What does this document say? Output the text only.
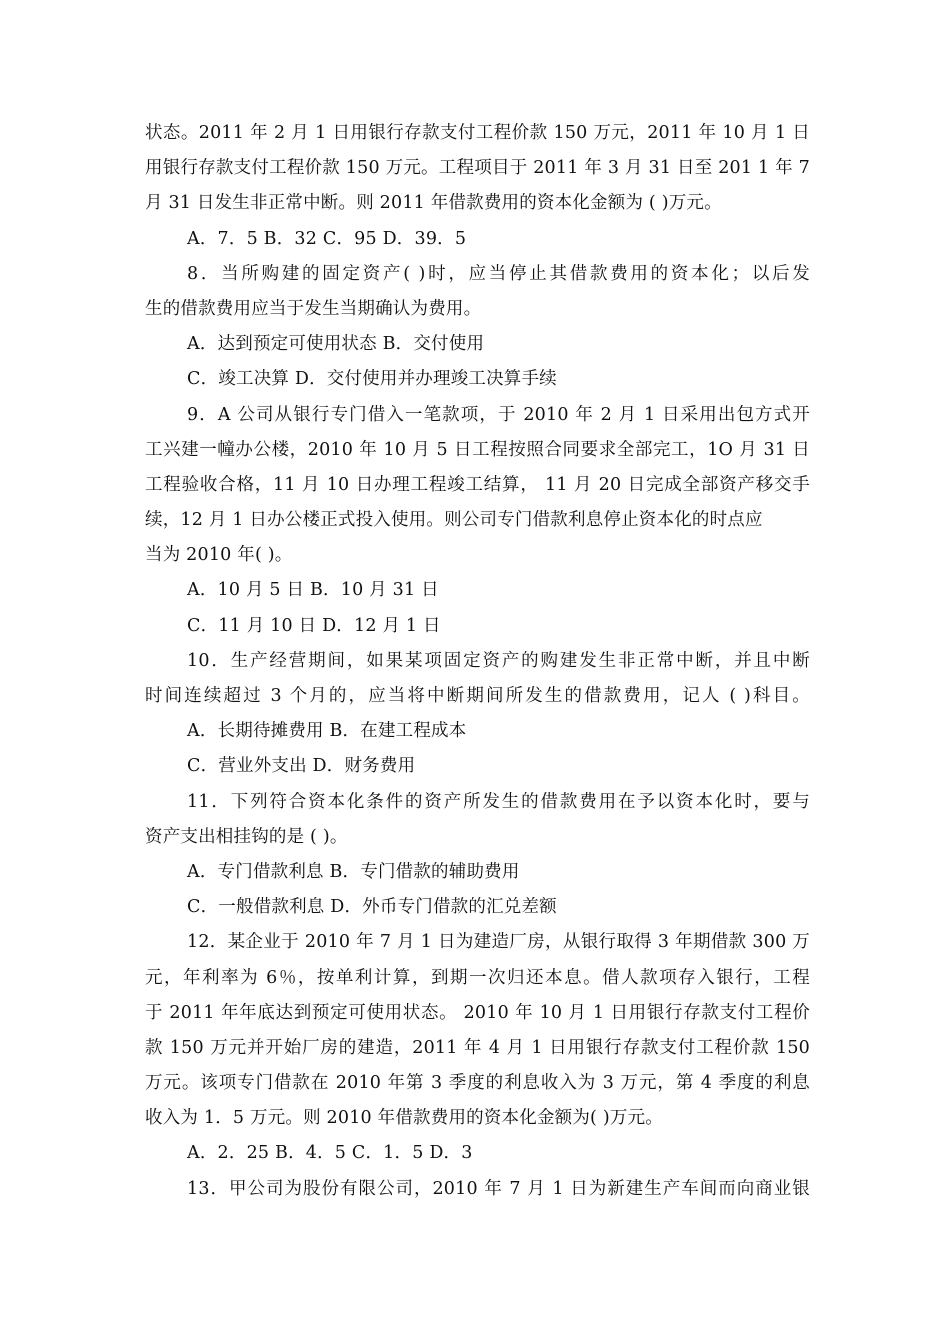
状态。2011 年 2 月 1 日用银行存款支付工程价款 150 万元，2011 年 10 月 1 日
用银行存款支付工程价款 150 万元。工程项目于 2011 年 3 月 31 日至 201 1 年 7
月 31 日发生非正常中断。则 2011 年借款费用的资本化金额为 ( )万元。
A．7．5 B．32 C．95 D．39．5
8．当所购建的固定资产( )时，应当停止其借款费用的资本化；以后发
生的借款费用应当于发生当期确认为费用。
A．达到预定可使用状态 B．交付使用
C．竣工决算 D．交付使用并办理竣工决算手续
9．A 公司从银行专门借入一笔款项，于 2010 年 2 月 1 日采用出包方式开
工兴建一幢办公楼，2010 年 10 月 5 日工程按照合同要求全部完工，1O 月 31 日
工程验收合格，11 月 10 日办理工程竣工结算， 11 月 20 日完成全部资产移交手
续，12 月 1 日办公楼正式投入使用。则公司专门借款利息停止资本化的时点应
当为 2010 年( )。
A．10 月 5 日 B．10 月 31 日
C．11 月 10 日 D．12 月 1 日
10．生产经营期间，如果某项固定资产的购建发生非正常中断，并且中断
时间连续超过 3 个月的，应当将中断期间所发生的借款费用，记人 ( )科目。
A．长期待摊费用 B．在建工程成本
C．营业外支出 D．财务费用
11．下列符合资本化条件的资产所发生的借款费用在予以资本化时，要与
资产支出相挂钩的是 ( )。
A．专门借款利息 B．专门借款的辅助费用
C．一般借款利息 D．外币专门借款的汇兑差额
12．某企业于 2010 年 7 月 1 日为建造厂房，从银行取得 3 年期借款 300 万
元，年利率为 6％，按单利计算，到期一次归还本息。借人款项存入银行，工程
于 2011 年年底达到预定可使用状态。 2010 年 10 月 1 日用银行存款支付工程价
款 150 万元并开始厂房的建造，2011 年 4 月 1 日用银行存款支付工程价款 150
万元。该项专门借款在 2010 年第 3 季度的利息收入为 3 万元，第 4 季度的利息
收入为 1．5 万元。则 2010 年借款费用的资本化金额为( )万元。
A．2．25 B．4．5 C．1．5 D．3
13．甲公司为股份有限公司，2010 年 7 月 1 日为新建生产车间而向商业银
